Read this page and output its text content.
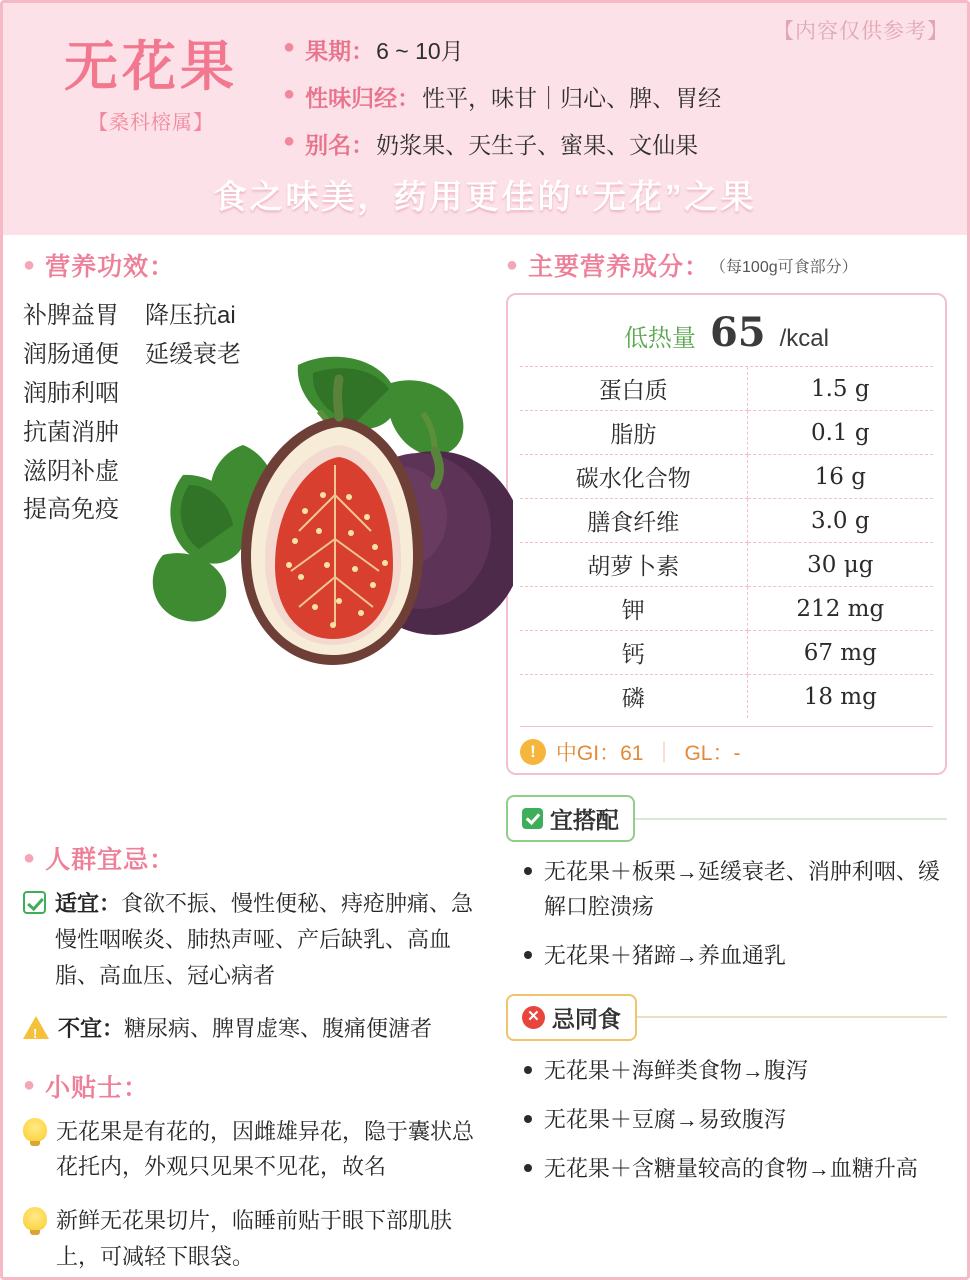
【内容仅供参考】
无花果
【桑科榕属】
● 果期： 6 ~ 10月
● 性味归经： 性平，味甘｜归心、脾、胃经
● 别名： 奶浆果、天生子、蜜果、文仙果
食之味美，药用更佳的“无花”之果
● 营养功效：
补脾益胃
润肠通便
润肺利咽
抗菌消肿
滋阴补虚
提高免疫
降压抗ai
延缓衰老
● 人群宜忌：
适宜：食欲不振、慢性便秘、痔疮肿痛、急慢性咽喉炎、肺热声哑、产后缺乳、高血脂、高血压、冠心病者
!
不宜：糖尿病、脾胃虚寒、腹痛便溏者
● 小贴士：
无花果是有花的，因雌雄异花，隐于囊状总花托内，外观只见果不见花，故名
新鲜无花果切片，临睡前贴于眼下部肌肤上，可减轻下眼袋。
● 主要营养成分： （每100g可食部分）
低热量 65 /kcal
蛋白质	1.5 g
脂肪	0.1 g
碳水化合物	16 g
膳食纤维	3.0 g
胡萝卜素	30 μg
钾	212 mg
钙	67 mg
磷	18 mg
! 中GI：61 ｜ GL：-
宜搭配
无花果＋板栗→延缓衰老、消肿利咽、缓解口腔溃疡
无花果＋猪蹄→养血通乳
✕ 忌同食
无花果＋海鲜类食物→腹泻
无花果＋豆腐→易致腹泻
无花果＋含糖量较高的食物→血糖升高
